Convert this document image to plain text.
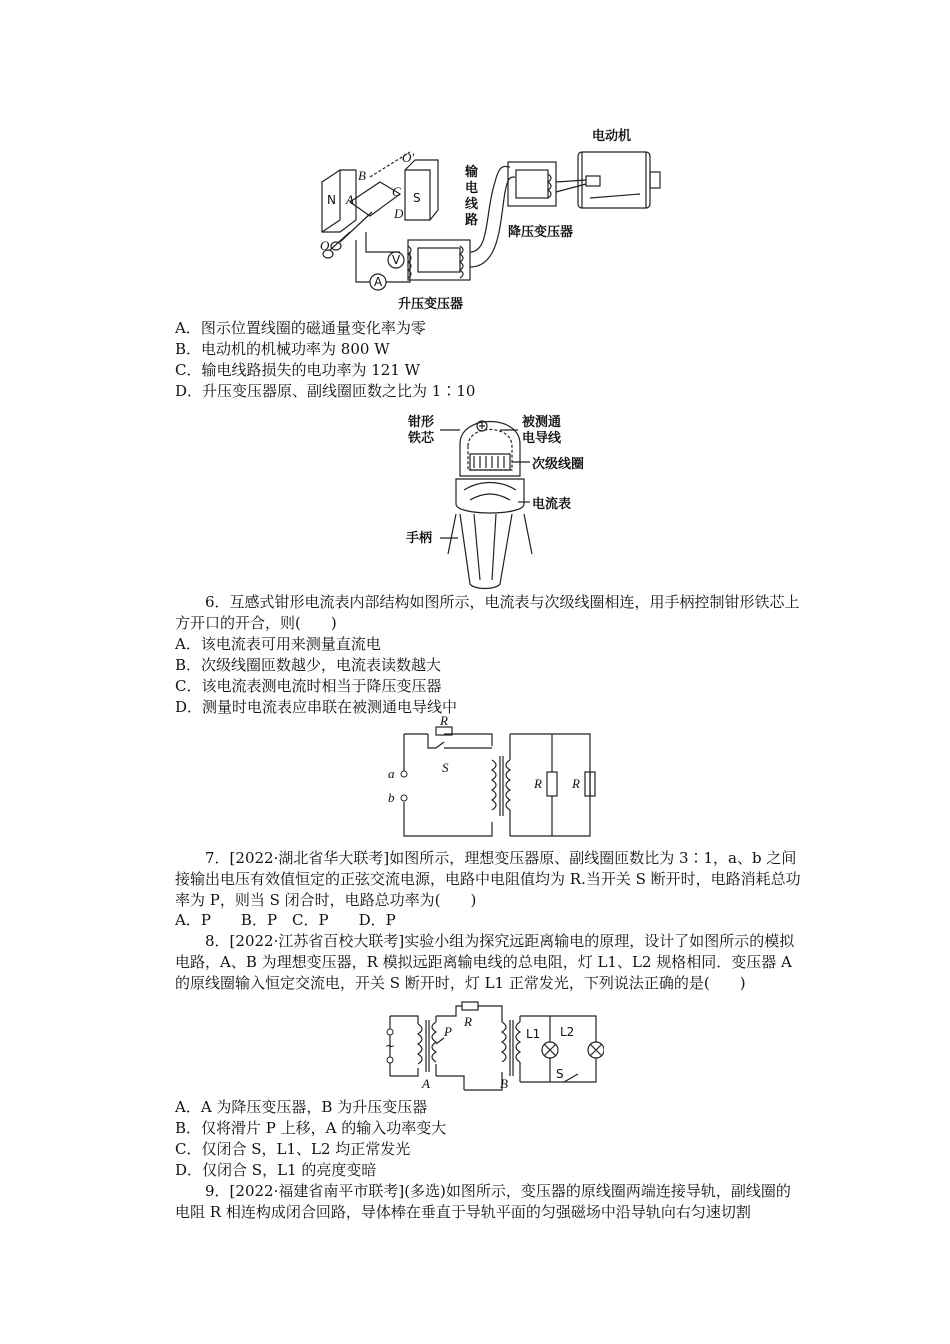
V
A
电动机
输
电
线
路
降压变压器
升压变压器
O′
O
N	S
A
B
C
D
A．图示位置线圈的磁通量变化率为零
B．电动机的机械功率为 800 W
C．输电线路损失的电功率为 121 W
D．升压变压器原、副线圈匝数之比为 1∶10
钳形
铁芯
被测通
电导线
次级线圈
电流表
手柄
6．互感式钳形电流表内部结构如图所示，电流表与次级线圈相连，用手柄控制钳形铁芯上方开口的开合，则(　　)
A．该电流表可用来测量直流电
B．次级线圈匝数越少，电流表读数越大
C．该电流表测电流时相当于降压变压器
D．测量时电流表应串联在被测通电导线中
R
S
a
b
R R
7．[2022·湖北省华大联考]如图所示，理想变压器原、副线圈匝数比为 3∶1，a、b 之间接输出电压有效值恒定的正弦交流电源，电路中电阻值均为 R.当开关 S 断开时，电路消耗总功率为 P，则当 S 闭合时，电路总功率为(　　)
A．P　　B．P　C．P　　D．P
8．[2022·江苏省百校大联考]实验小组为探究远距离输电的原理，设计了如图所示的模拟电路，A、B 为理想变压器，R 模拟远距离输电线的总电阻，灯 L1、L2 规格相同．变压器 A 的原线圈输入恒定交流电，开关 S 断开时，灯 L1 正常发光，下列说法正确的是(　　)
~
R
P
A	B
L1 L2
S
A．A 为降压变压器，B 为升压变压器
B．仅将滑片 P 上移，A 的输入功率变大
C．仅闭合 S，L1、L2 均正常发光
D．仅闭合 S，L1 的亮度变暗
9．[2022·福建省南平市联考](多选)如图所示，变压器的原线圈两端连接导轨，副线圈的电阻 R 相连构成闭合回路，导体棒在垂直于导轨平面的匀强磁场中沿导轨向右匀速切割
